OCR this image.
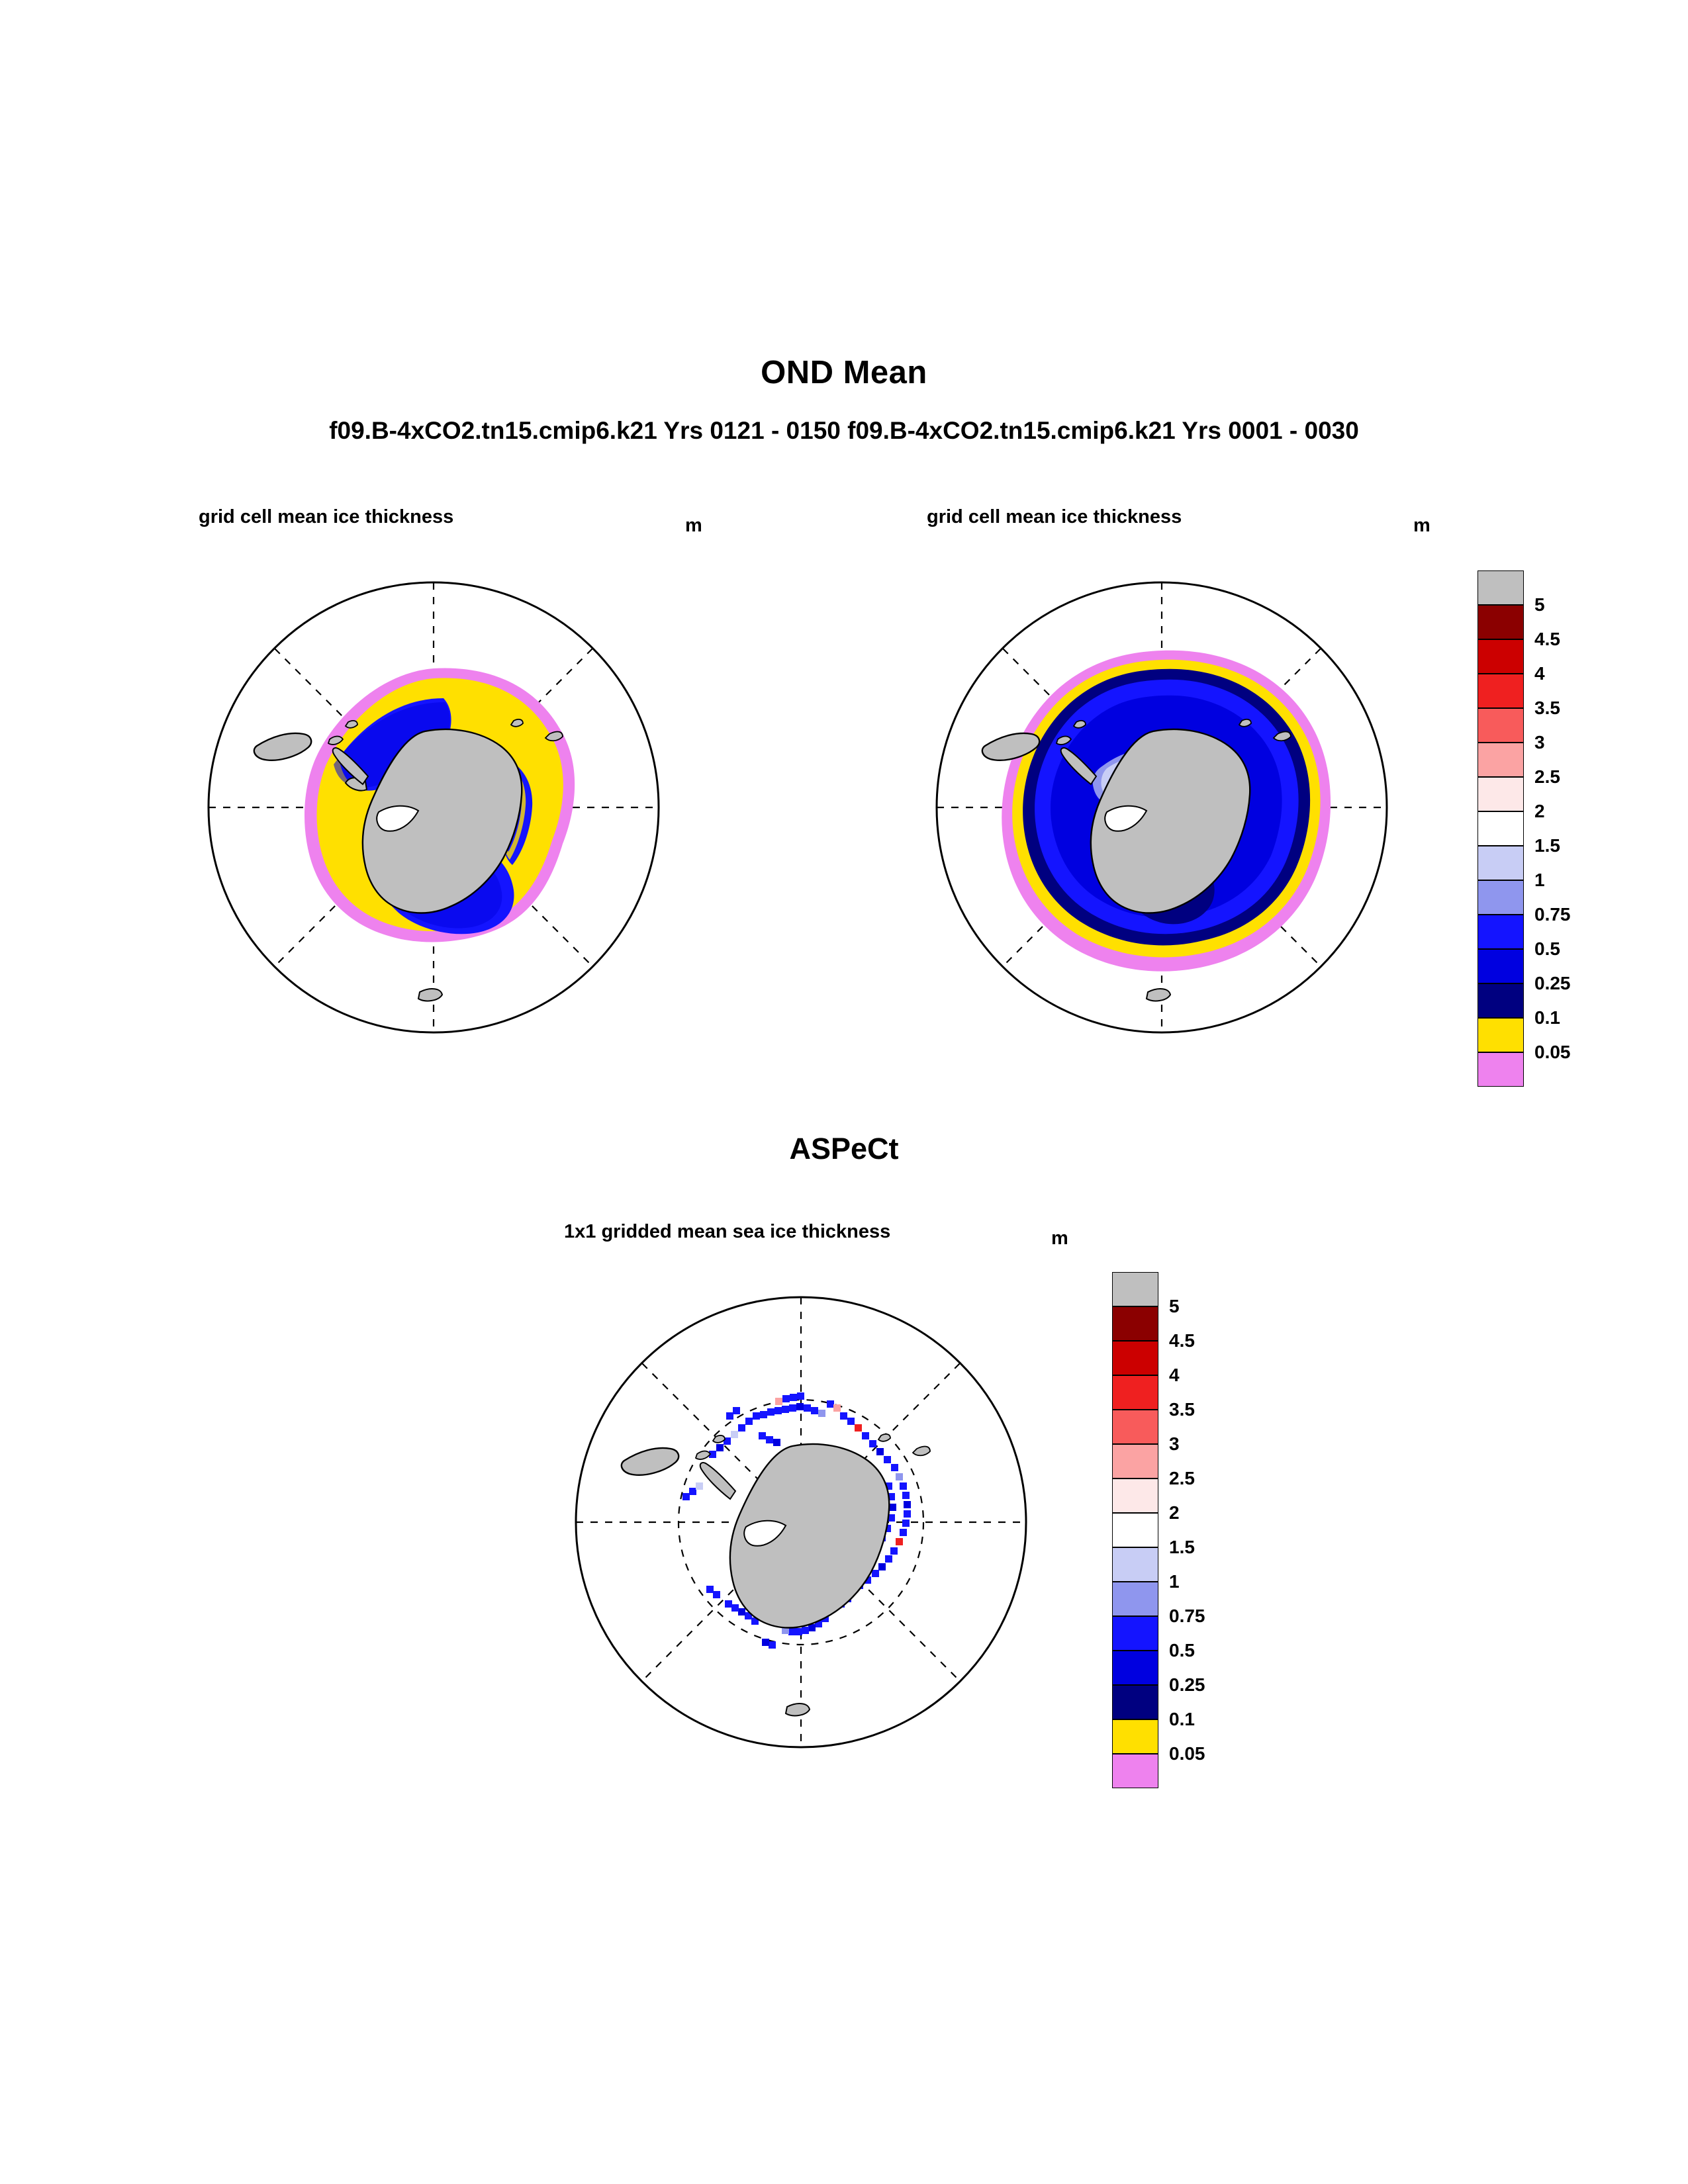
OND Mean
f09.B-4xCO2.tn15.cmip6.k21 Yrs 0121 - 0150 f09.B-4xCO2.tn15.cmip6.k21 Yrs 0001 - 0030
grid cell mean ice thickness	m	grid cell mean ice thickness	m
5
4.5
4
3.5
3
2.5
2
1.5
1
0.75
0.5
0.25
0.1
0.05
ASPeCt
1x1 gridded mean sea ice thickness	m
5
4.5
4
3.5
3
2.5
2
1.5
1
0.75
0.5
0.25
0.1
0.05
